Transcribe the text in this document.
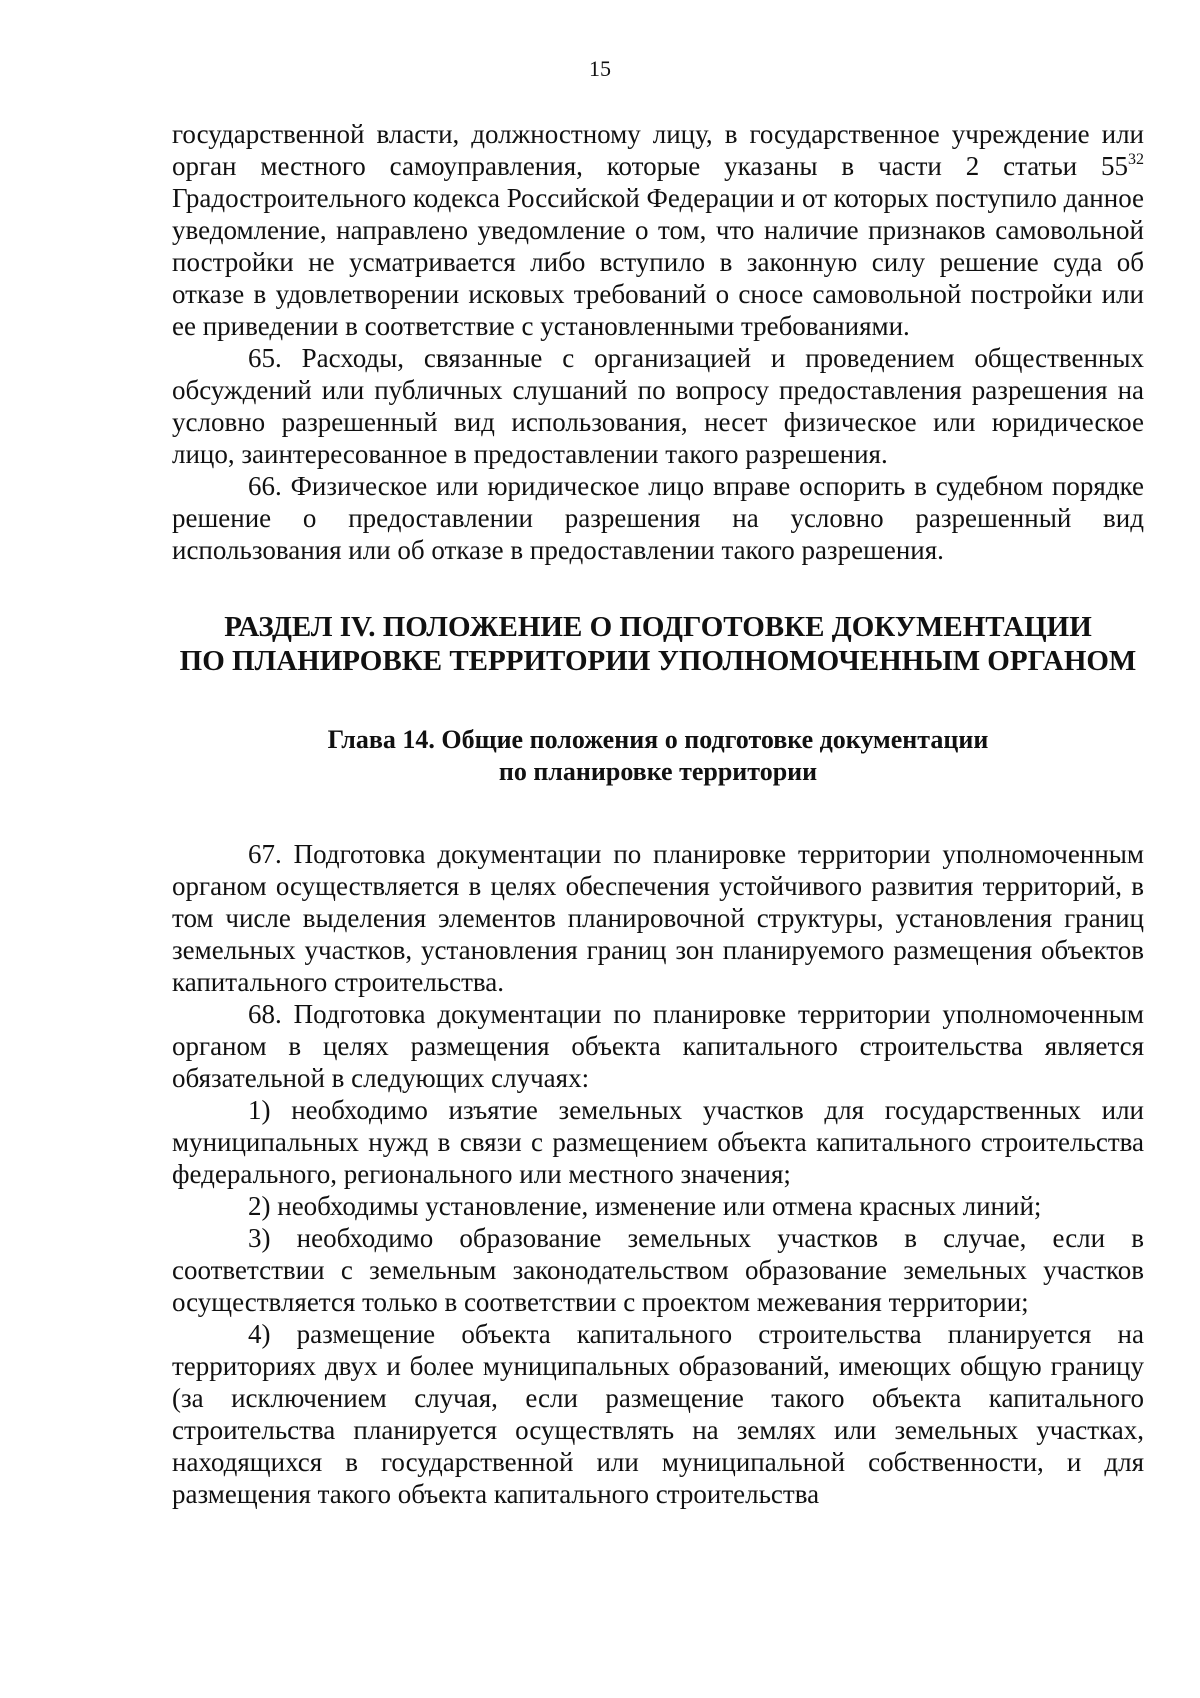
15

государственной власти, должностному лицу, в государственное учреждение или орган местного самоуправления, которые указаны в части 2 статьи $55^{32}$ Градостроительного кодекса Российской Федерации и от которых поступило данное уведомление, направлено уведомление о том, что наличие признаков самовольной постройки не усматривается либо вступило в законную силу решение суда об отказе в удовлетворении исковых требований о сносе самовольной постройки или ее приведении в соответствие с установленными требованиями.

65. Расходы, связанные с организацией и проведением общественных обсуждений или публичных слушаний по вопросу предоставления разрешения на условно разрешенный вид использования, несет физическое или юридическое лицо, заинтересованное в предоставлении такого разрешения.

66. Физическое или юридическое лицо вправе оспорить в судебном порядке решение о предоставлении разрешения на условно разрешенный вид использования или об отказе в предоставлении такого разрешения.

РАЗДЕЛ IV. ПОЛОЖЕНИЕ О ПОДГОТОВКЕ ДОКУМЕНТАЦИИ
ПО ПЛАНИРОВКЕ ТЕРРИТОРИИ УПОЛНОМОЧЕННЫМ ОРГАНОМ
Глава 14. Общие положения о подготовке документации
по планировке территории

67. Подготовка документации по планировке территории уполномоченным органом осуществляется в целях обеспечения устойчивого развития территорий, в том числе выделения элементов планировочной структуры, установления границ земельных участков, установления границ зон планируемого размещения объектов капитального строительства.

68. Подготовка документации по планировке территории уполномоченным органом в целях размещения объекта капитального строительства является обязательной в следующих случаях:

1) необходимо изъятие земельных участков для государственных или муниципальных нужд в связи с размещением объекта капитального строительства федерального, регионального или местного значения;

2) необходимы установление, изменение или отмена красных линий;

3) необходимо образование земельных участков в случае, если в соответствии с земельным законодательством образование земельных участков осуществляется только в соответствии с проектом межевания территории;

4) размещение объекта капитального строительства планируется на территориях двух и более муниципальных образований, имеющих общую границу (за исключением случая, если размещение такого объекта капитального строительства планируется осуществлять на землях или земельных участках, находящихся в государственной или муниципальной собственности, и для размещения такого объекта капитального строительства
